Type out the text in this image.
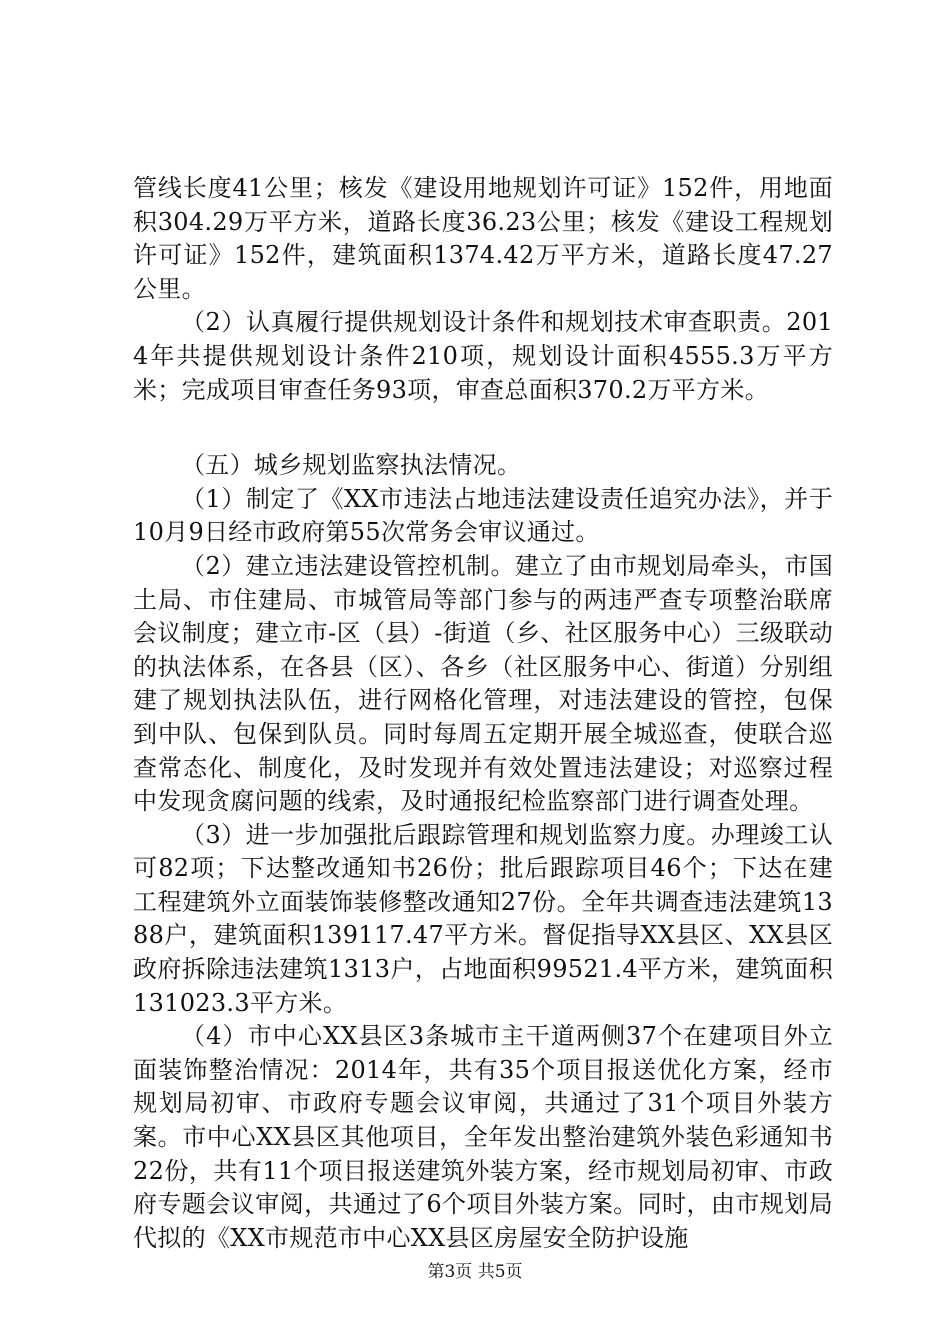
管线长度41公里；核发《建设用地规划许可证》152件，用地面积304.29万平方米，道路长度36.23公里；核发《建设工程规划许可证》152件，建筑面积1374.42万平方米，道路长度47.27公里。

（2）认真履行提供规划设计条件和规划技术审查职责。2014年共提供规划设计条件210项，规划设计面积4555.3万平方米；完成项目审查任务93项，审查总面积370.2万平方米。

（五）城乡规划监察执法情况。

（1）制定了《XX市违法占地违法建设责任追究办法》，并于10月9日经市政府第55次常务会审议通过。

（2）建立违法建设管控机制。建立了由市规划局牵头，市国土局、市住建局、市城管局等部门参与的两违严查专项整治联席会议制度；建立市-区（县）-街道（乡、社区服务中心）三级联动的执法体系，在各县（区）、各乡（社区服务中心、街道）分别组建了规划执法队伍，进行网格化管理，对违法建设的管控，包保到中队、包保到队员。同时每周五定期开展全城巡查，使联合巡查常态化、制度化，及时发现并有效处置违法建设；对巡察过程中发现贪腐问题的线索，及时通报纪检监察部门进行调查处理。

（3）进一步加强批后跟踪管理和规划监察力度。办理竣工认可82项；下达整改通知书26份；批后跟踪项目46个；下达在建工程建筑外立面装饰装修整改通知27份。全年共调查违法建筑1388户，建筑面积139117.47平方米。督促指导XX县区、XX县区政府拆除违法建筑1313户，占地面积99521.4平方米，建筑面积131023.3平方米。

（4）市中心XX县区3条城市主干道两侧37个在建项目外立面装饰整治情况：2014年，共有35个项目报送优化方案，经市规划局初审、市政府专题会议审阅，共通过了31个项目外装方案。市中心XX县区其他项目，全年发出整治建筑外装色彩通知书22份，共有11个项目报送建筑外装方案，经市规划局初审、市政府专题会议审阅，共通过了6个项目外装方案。同时，由市规划局代拟的《XX市规范市中心XX县区房屋安全防护设施

第3页 共5页
